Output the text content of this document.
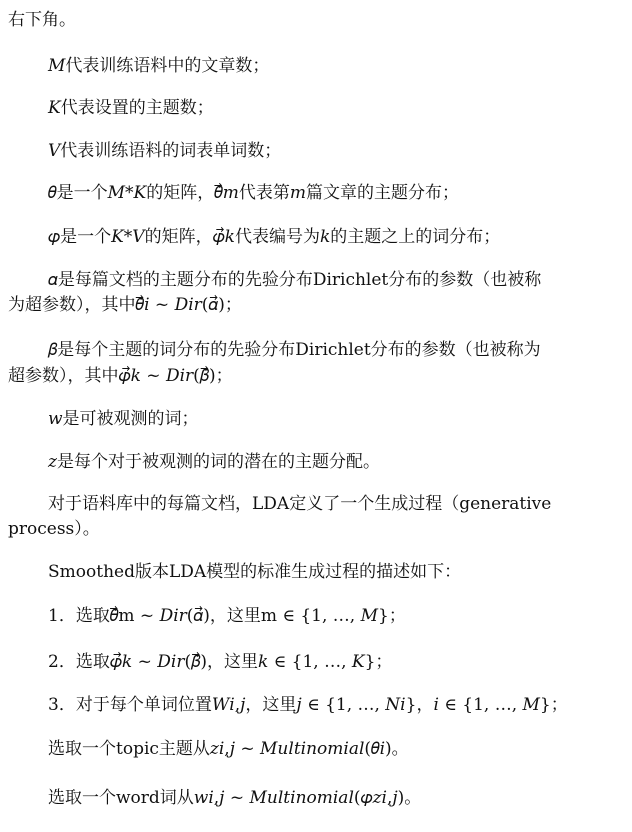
右下角。
𝑀代表训练语料中的文章数；
𝐾代表设置的主题数；
𝑉代表训练语料的词表单词数；
𝜃是一个𝑀*𝐾的矩阵，𝜃⃗𝑚代表第𝑚篇文章的主题分布；
𝜑是一个𝐾*𝑉的矩阵，𝜑⃗𝑘代表编号为𝑘的主题之上的词分布；
𝛼是每篇文档的主题分布的先验分布Dirichlet分布的参数（也被称
为超参数），其中𝜃⃗𝑖 ~ 𝐷𝑖𝑟(𝛼⃗)；
𝛽是每个主题的词分布的先验分布Dirichlet分布的参数（也被称为
超参数），其中𝜑⃗𝑘 ~ 𝐷𝑖𝑟(𝛽⃗)；
𝑤是可被观测的词；
𝑧是每个对于被观测的词的潜在的主题分配。
对于语料库中的每篇文档，LDA定义了一个生成过程（generative
process）。
Smoothed版本LDA模型的标准生成过程的描述如下：
1．选取𝜃⃗m ~ 𝐷𝑖𝑟(𝛼⃗)，这里m ∈ {1, …, 𝑀}；
2．选取𝜑⃗𝑘 ~ 𝐷𝑖𝑟(𝛽⃗)，这里𝑘 ∈ {1, …, 𝐾}；
3．对于每个单词位置𝑊𝑖,𝑗，这里𝑗 ∈ {1, …, 𝑁𝑖}，𝑖 ∈ {1, …, 𝑀}；
选取一个topic主题从𝑧𝑖,𝑗 ~ 𝑀𝑢𝑙𝑡𝑖𝑛𝑜𝑚𝑖𝑎𝑙(𝜃𝑖)。
选取一个word词从𝑤𝑖,𝑗 ~ 𝑀𝑢𝑙𝑡𝑖𝑛𝑜𝑚𝑖𝑎𝑙(𝜑𝑧𝑖,𝑗)。
